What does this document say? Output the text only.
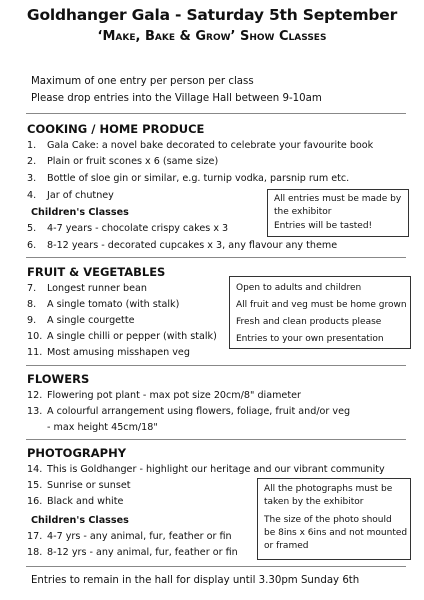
Goldhanger Gala - Saturday 5th September
‘Make, Bake & Grow’ Show Classes
Maximum of one entry per person per class
Please drop entries into the Village Hall between 9-10am
COOKING / HOME PRODUCE
1. Gala Cake: a novel bake decorated to celebrate your favourite book
2. Plain or fruit scones x 6 (same size)
3. Bottle of sloe gin or similar, e.g. turnip vodka, parsnip rum etc.
4. Jar of chutney
Children's Classes
5. 4-7 years - chocolate crispy cakes x 3
6. 8-12 years - decorated cupcakes x 3, any flavour any theme
All entries must be made by
the exhibitor
Entries will be tasted!
FRUIT & VEGETABLES
7. Longest runner bean
8. A single tomato (with stalk)
9. A single courgette
10. A single chilli or pepper (with stalk)
11. Most amusing misshapen veg
Open to adults and children
All fruit and veg must be home grown
Fresh and clean products please
Entries to your own presentation
FLOWERS
12. Flowering pot plant - max pot size 20cm/8" diameter
13. A colourful arrangement using flowers, foliage, fruit and/or veg
- max height 45cm/18"
PHOTOGRAPHY
14. This is Goldhanger - highlight our heritage and our vibrant community
15. Sunrise or sunset
16. Black and white
Children's Classes
17. 4-7 yrs - any animal, fur, feather or fin
18. 8-12 yrs - any animal, fur, feather or fin
All the photographs must be
taken by the exhibitor
The size of the photo should
be 8ins x 6ins and not mounted
or framed
Entries to remain in the hall for display until 3.30pm Sunday 6th
